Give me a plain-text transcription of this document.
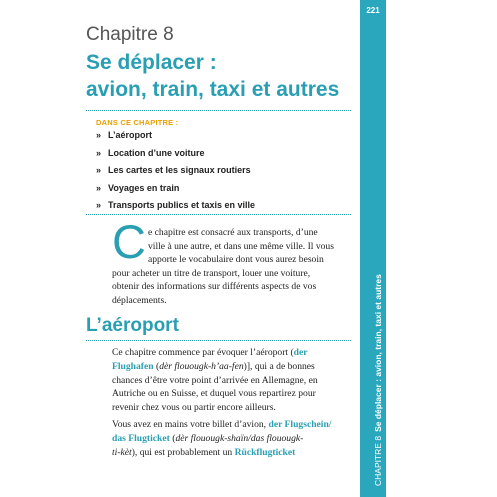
Chapitre 8
Se déplacer :
avion, train, taxi et autres
DANS CE CHAPITRE :
» L’aéroport
» Location d’une voiture
» Les cartes et les signaux routiers
» Voyages en train
» Transports publics et taxis en ville
C e chapitre est consacré aux transports, d’une
ville à une autre, et dans une même ville. Il vous
apporte le vocabulaire dont vous aurez besoin
pour acheter un titre de transport, louer une voiture,
obtenir des informations sur différents aspects de vos
déplacements.
L’aéroport
Ce chapitre commence par évoquer l’aéroport (der
Flughafen (dèr flouougk-h’aa-fen)], qui a de bonnes
chances d’être votre point d’arrivée en Allemagne, en
Autriche ou en Suisse, et duquel vous repartirez pour
revenir chez vous ou partir encore ailleurs.
Vous avez en mains votre billet d’avion, der Flugschein/
das Flugticket (dèr flouougk-shaïn/das flouougk-
ti-kèt), qui est probablement un Rückflugticket
221
CHAPITRE 8Se déplacer : avion, train, taxi et autres
